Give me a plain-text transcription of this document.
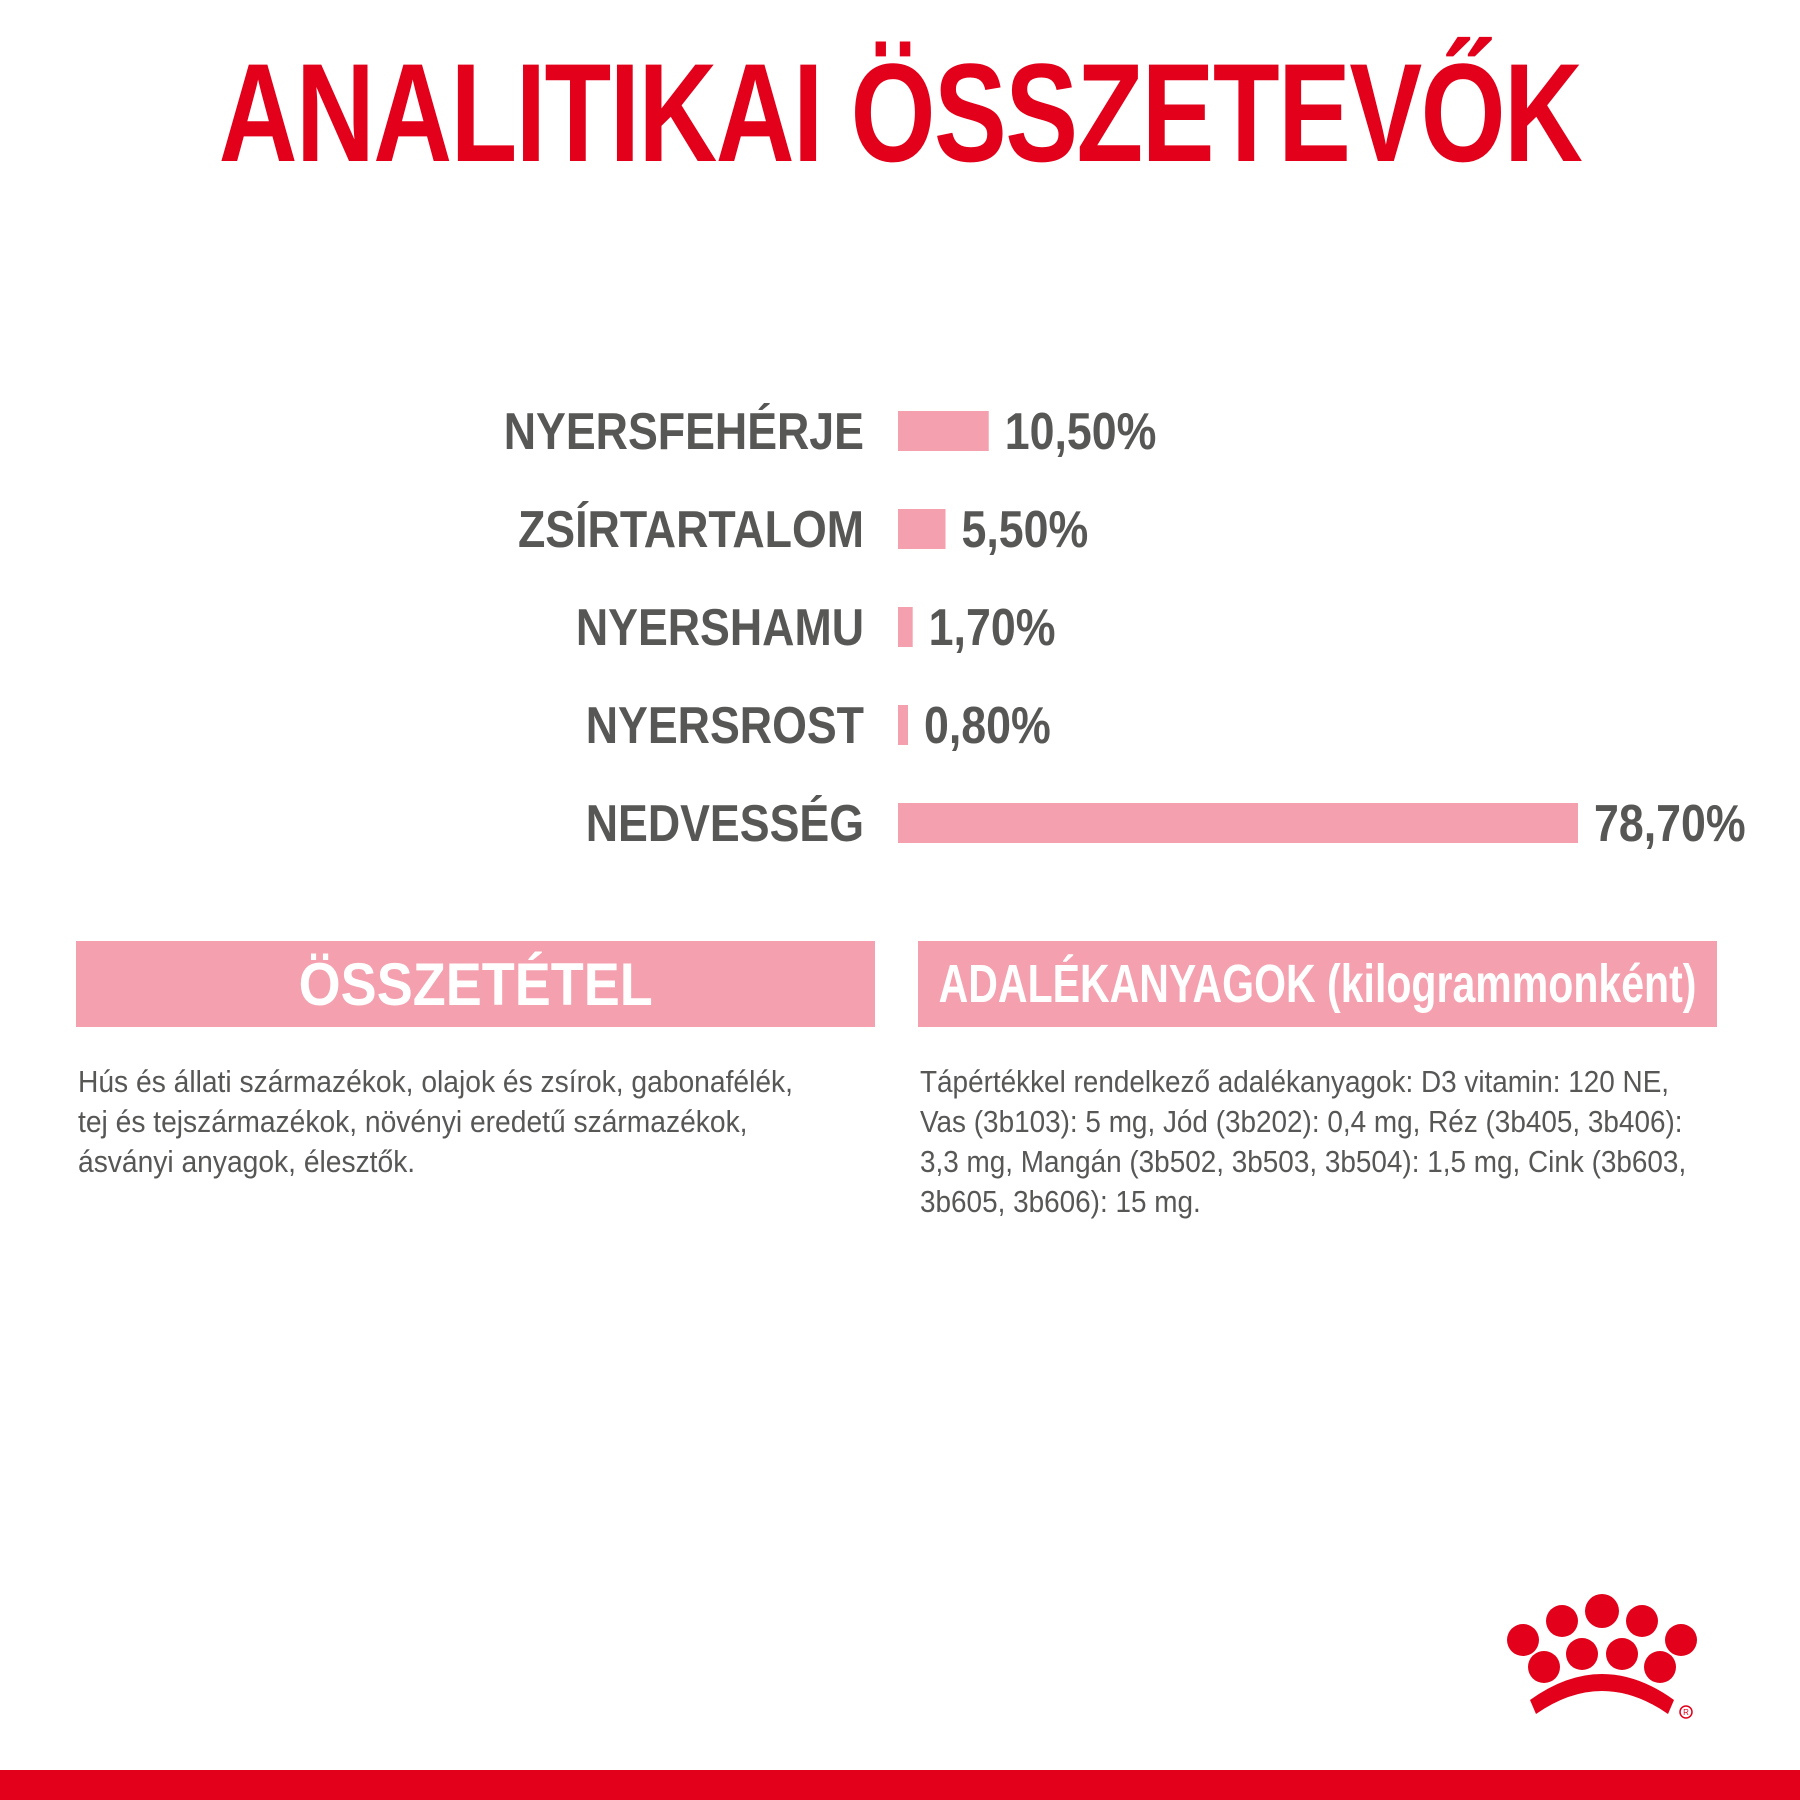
ANALITIKAI ÖSSZETEVŐK
NYERSFEHÉRJE	10,50%
ZSÍRTARTALOM 5,50%
NYERSHAMU 1,70%
NYERSROST 0,80%
NEDVESSÉG	78,70%
ÖSSZETÉTEL	ADALÉKANYAGOK (kilogrammonként)

Hús és állati származékok, olajok és zsírok, gabonafélék, tej és tejszármazékok, növényi eredetű származékok, ásványi anyagok, élesztők.

Tápértékkel rendelkező adalékanyagok: D3 vitamin: 120 NE, Vas (3b103): 5 mg, Jód (3b202): 0,4 mg, Réz (3b405, 3b406): 3,3 mg, Mangán (3b502, 3b503, 3b504): 1,5 mg, Cink (3b603, 3b605, 3b606): 15 mg.

R
